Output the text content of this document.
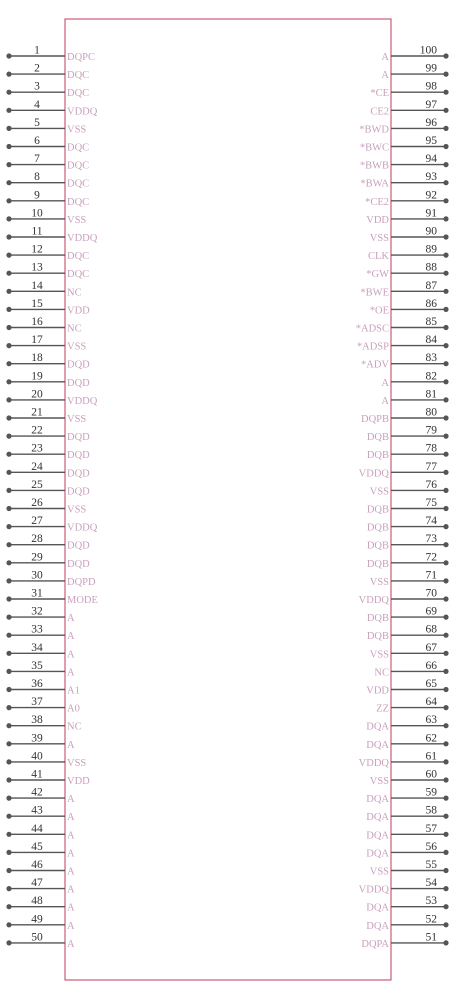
1
DQPC
2
DQC
3
DQC
4
VDDQ
5
VSS
6
DQC
7
DQC
8
DQC
9
DQC
10
VSS
11
VDDQ
12
DQC
13
DQC
14
NC
15
VDD
16
NC
17
VSS
18
DQD
19
DQD
20
VDDQ
21
VSS
22
DQD
23
DQD
24
DQD
25
DQD
26
VSS
27
VDDQ
28
DQD
29
DQD
30
DQPD
31
MODE
32
A
33
A
34
A
35
A
36
A1
37
A0
38
NC
39
A
40
VSS
41
VDD
42
A
43
A
44
A
45
A
46
A
47
A
48
A
49
A
50
A
100
A
99
A
98
*CE
97
CE2
96
*BWD
95
*BWC
94
*BWB
93
*BWA
92
*CE2
91
VDD
90
VSS
89
CLK
88
*GW
87
*BWE
86
*OE
85
*ADSC
84
*ADSP
83
*ADV
82
A
81
A
80
DQPB
79
DQB
78
DQB
77
VDDQ
76
VSS
75
DQB
74
DQB
73
DQB
72
DQB
71
VSS
70
VDDQ
69
DQB
68
DQB
67
VSS
66
NC
65
VDD
64
ZZ
63
DQA
62
DQA
61
VDDQ
60
VSS
59
DQA
58
DQA
57
DQA
56
DQA
55
VSS
54
VDDQ
53
DQA
52
DQA
51
DQPA
